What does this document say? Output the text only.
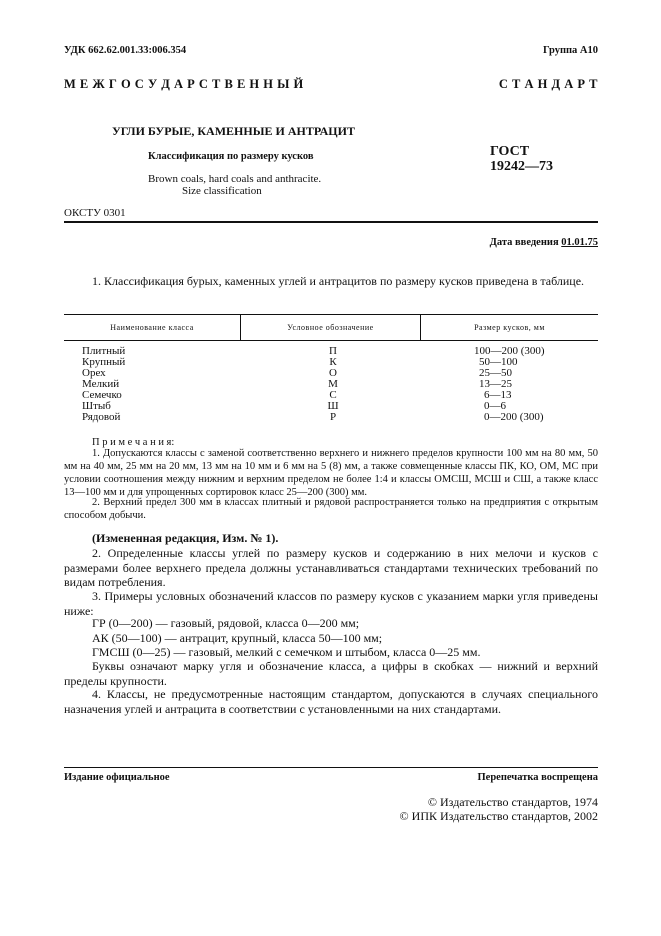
УДК 662.62.001.33:006.354	Группа А10
М Е Ж Г О С У Д А Р С Т В Е Н Н Ы Й	С Т А Н Д А Р Т
УГЛИ БУРЫЕ, КАМЕННЫЕ И АНТРАЦИТ
Классификация по размеру кусков
Brown coals, hard coals and anthracite.
Size classification
ГОСТ
19242—73
ОКСТУ 0301
Дата введения 01.01.75

1. Классификация бурых, каменных углей и антрацитов по размеру кусков приведена в таблице.

Наименование класса	Условное обозначение	Размер кусков, мм
Плитный	П	100—200 (300)
Крупный	К	50—100
Орех	О	25—50
Мелкий	М	13—25
Семечко	С	6—13
Штыб	Ш	0—6
Рядовой	Р	0—200 (300)
П р и м е ч а н и я:

1. Допускаются классы с заменой соответственно верхнего и нижнего пределов крупности 100 мм на 80 мм, 50 мм на 40 мм, 25 мм на 20 мм, 13 мм на 10 мм и 6 мм на 5 (8) мм, а также совмещенные классы ПК, КО, ОМ, МС при условии соотношения между нижним и верхним пределом не более 1:4 и классы ОМСШ, МСШ и СШ, а также класс 13—100 мм и для упрощенных сортировок класс 25—200 (300) мм.

2. Верхний предел 300 мм в классах плитный и рядовой распространяется только на предприятия с открытым способом добычи.

(Измененная редакция, Изм. № 1).

2. Определенные классы углей по размеру кусков и содержанию в них мелочи и кусков с размерами более верхнего предела должны устанавливаться стандартами технических требований по видам потребления.

3. Примеры условных обозначений классов по размеру кусков с указанием марки угля приведены ниже:

ГР (0—200) — газовый, рядовой, класса 0—200 мм;
АК (50—100) — антрацит, крупный, класса 50—100 мм;
ГМСШ (0—25) — газовый, мелкий с семечком и штыбом, класса 0—25 мм.

Буквы означают марку угля и обозначение класса, а цифры в скобках — нижний и верхний пределы крупности.

4. Классы, не предусмотренные настоящим стандартом, допускаются в случаях специального назначения углей и антрацита в соответствии с установленными на них стандартами.

Издание официальное	Перепечатка воспрещена
© Издательство стандартов, 1974
© ИПК Издательство стандартов, 2002
